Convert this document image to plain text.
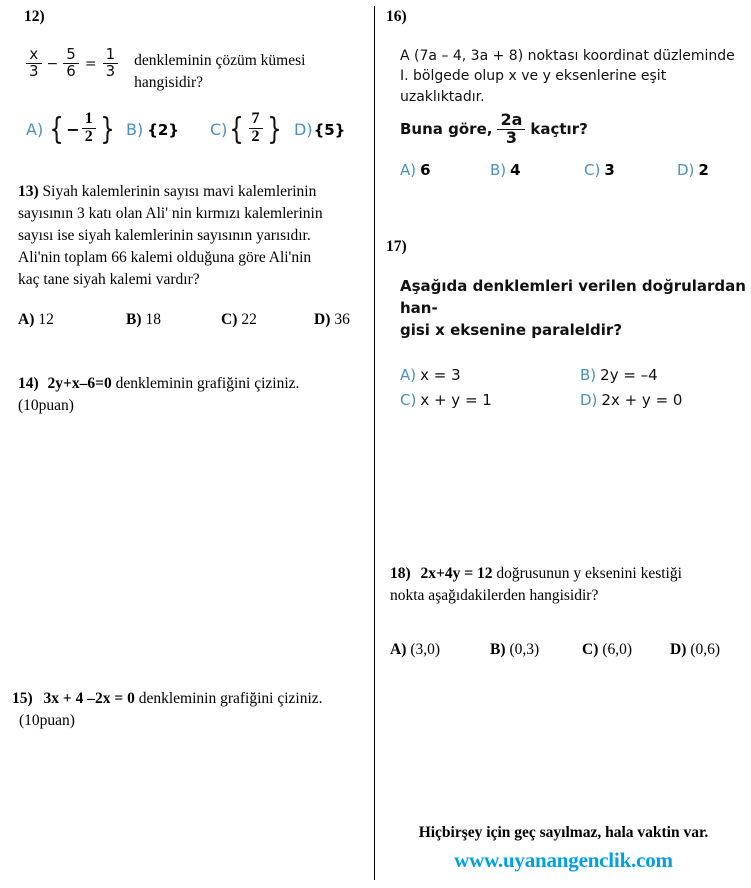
12)
$\frac{x}{3} - \frac{5}{6} = \frac{1}{3}$ denkleminin çözüm kümesi
hangisidir?
A) { − $\frac{1}{2}$ } B) {2} C) { $\frac{7}{2}$ } D) {5}
13) Siyah kalemlerinin sayısı mavi kalemlerinin
sayısının 3 katı olan Ali' nin kırmızı kalemlerinin
sayısı ise siyah kalemlerinin sayısının yarısıdır.
Ali'nin toplam 66 kalemi olduğuna göre Ali'nin
kaç tane siyah kalemi vardır?
A) 12	B) 18	C) 22	D) 36
14) 2y+x–6=0 denkleminin grafiğini çiziniz.
(10puan)
15) 3x + 4 –2x = 0 denkleminin grafiğini çiziniz.
(10puan)
16)
A (7a – 4, 3a + 8) noktası koordinat düzleminde
I. bölgede olup x ve y eksenlerine eşit uzaklıktadır.
Buna göre, $\frac{2a}{3}$ kaçtır?
A) 6	B) 4	C) 3	D) 2
17)
Aşağıda denklemleri verilen doğrulardan han-
gisi x eksenine paraleldir?
A) x = 3	B) 2y = –4
C) x + y = 1	D) 2x + y = 0
18) 2x+4y = 12 doğrusunun y eksenini kestiği
nokta aşağıdakilerden hangisidir?
A) (3,0)	B) (0,3)	C) (6,0) D) (0,6)
Hiçbirşey için geç sayılmaz, hala vaktin var.
www.uyanangenclik.com
